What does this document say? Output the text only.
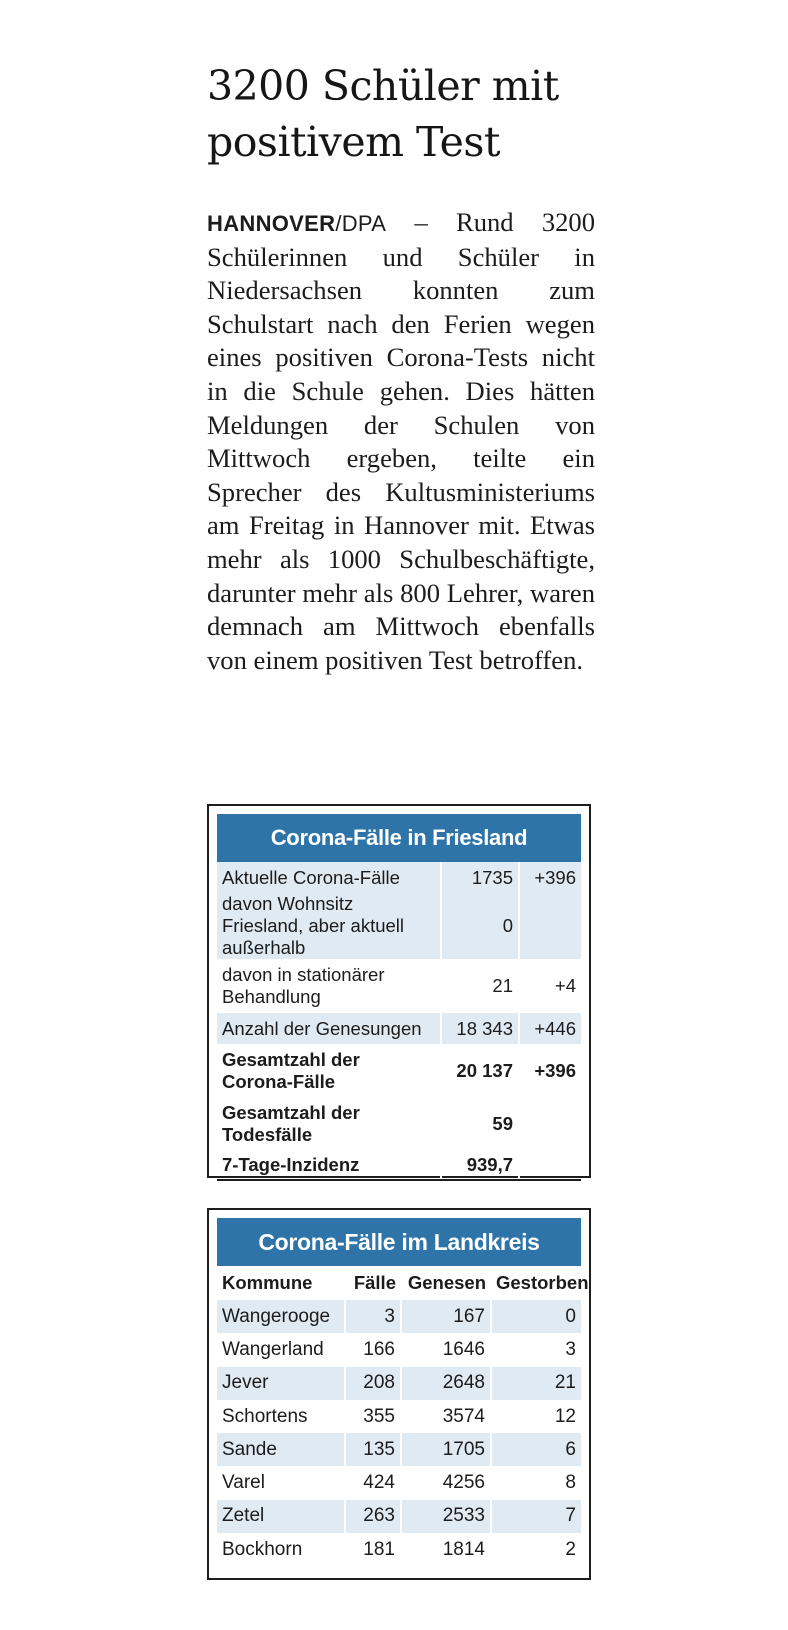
3200 Schüler mit
positivem Test

HANNOVER/DPA – Rund 3200 Schülerinnen und Schüler in Niedersachsen konnten zum Schulstart nach den Ferien wegen eines positiven Corona-Tests nicht in die Schule gehen. Dies hätten Meldungen der Schulen von Mittwoch ergeben, teilte ein Sprecher des Kultusministeriums am Freitag in Hannover mit. Etwas mehr als 1000 Schulbeschäftigte, darunter mehr als 800 Lehrer, waren demnach am Mittwoch ebenfalls von einem positiven Test betroffen.

Corona-Fälle in Friesland
Aktuelle Corona-Fälle	1735	+396
davon Wohnsitz Friesland, aber aktuell außerhalb	0	
davon in stationärer Behandlung	21	+4
Anzahl der Genesungen	18 343	+446
Gesamtzahl der Corona-Fälle	20 137	+396
Gesamtzahl der Todesfälle	59	
7-Tage-Inzidenz	939,7	
Corona-Fälle im Landkreis
Kommune	Fälle	Genesen	Gestorben
Wangerooge	3	167	0
Wangerland	166	1646	3
Jever	208	2648	21
Schortens	355	3574	12
Sande	135	1705	6
Varel	424	4256	8
Zetel	263	2533	7
Bockhorn	181	1814	2
